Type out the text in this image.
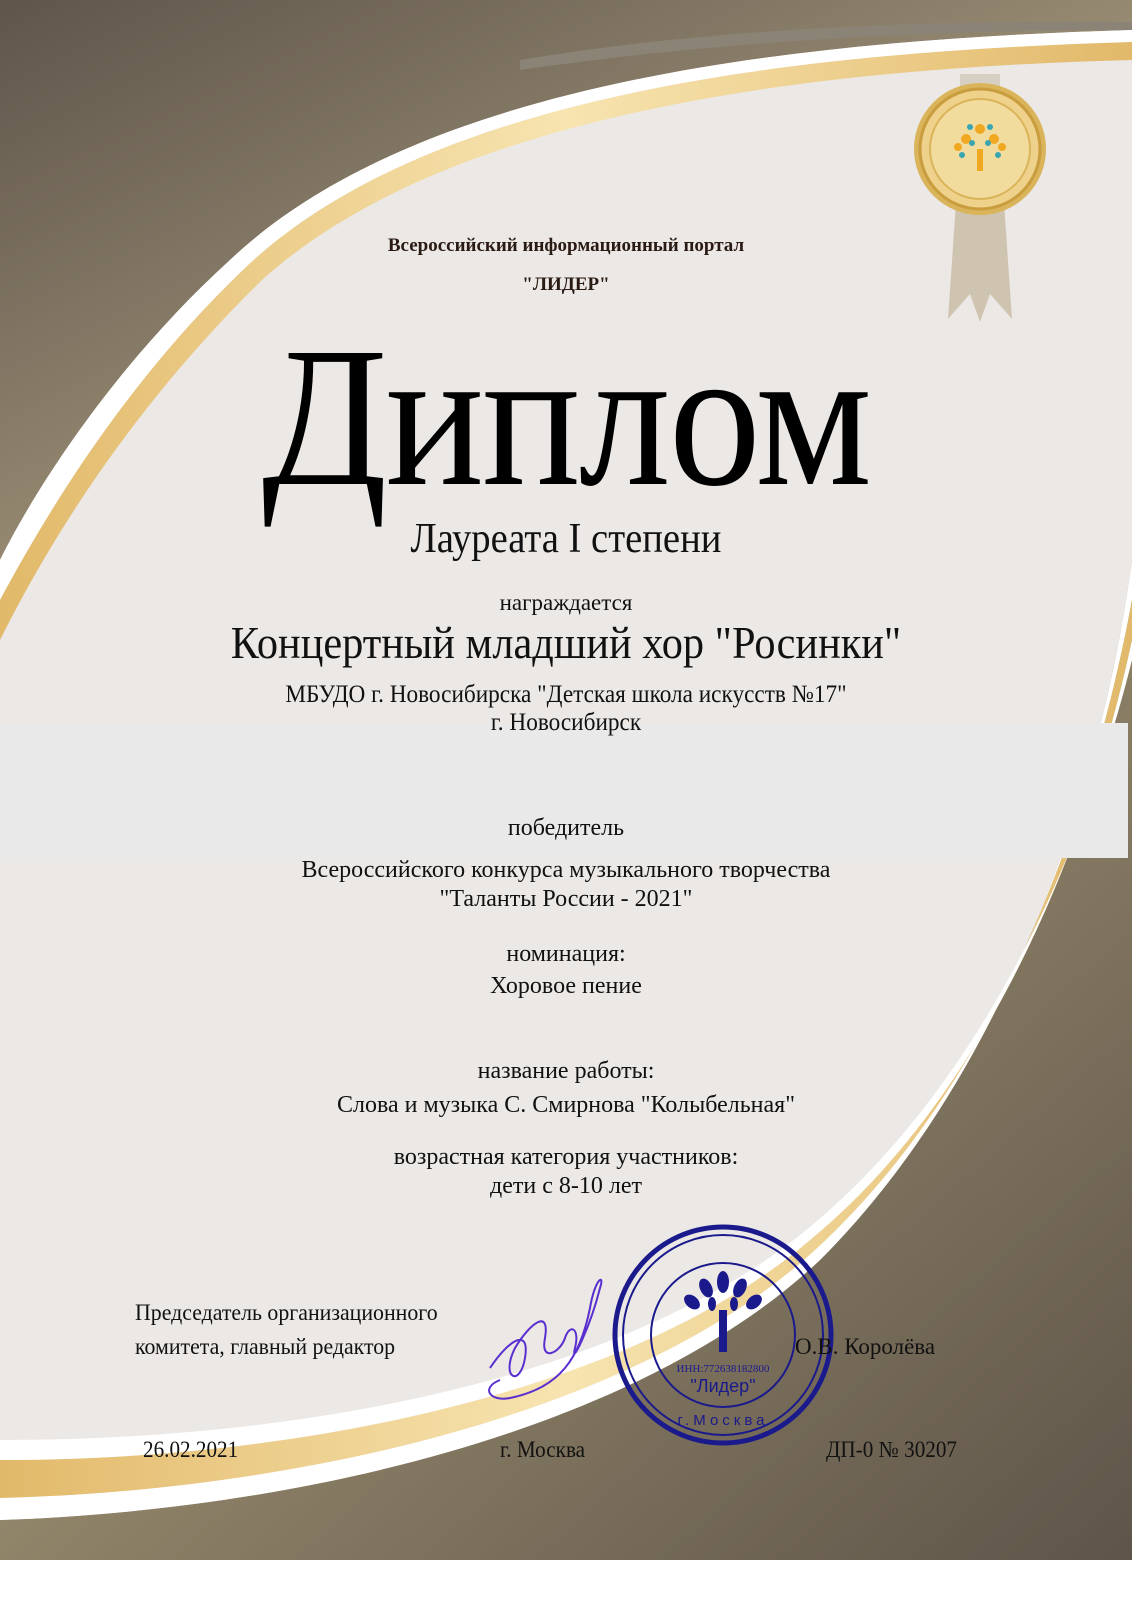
Всероссийский информационный портал
"ЛИДЕР"
Диплом
Лауреата I степени
награждается
Концертный младший хор "Росинки"
МБУДО г. Новосибирска "Детская школа искусств №17"
г. Новосибирск
победитель
Всероссийского конкурса музыкального творчества
"Таланты России - 2021"
номинация:
Хоровое пение
название работы:
Слова и музыка С. Смирнова "Колыбельная"
возрастная категория участников:
дети с 8-10 лет
Председатель организационного
комитета, главный редактор
ИНН:772638182800
"Лидер"
г.Москва
О.В. Королёва
26.02.2021	г. Москва	ДП-0 № 30207
